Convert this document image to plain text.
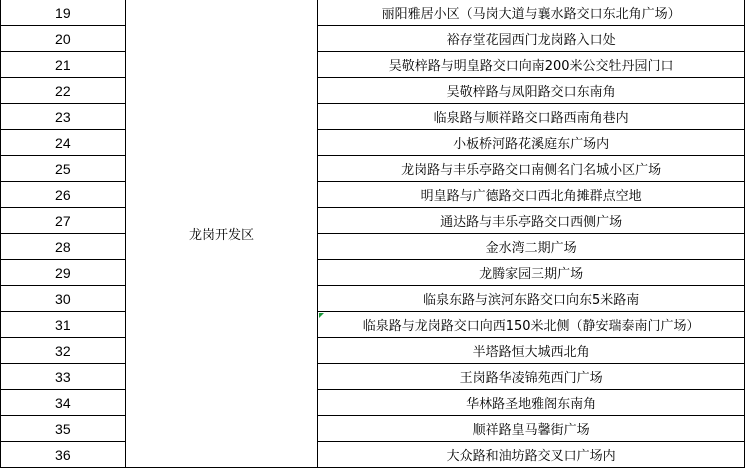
19	龙岗开发区	丽阳雅居小区（马岗大道与襄水路交口东北角广场）
20		裕存堂花园西门龙岗路入口处
21		吴敬梓路与明皇路交口向南200米公交牡丹园门口
22		吴敬梓路与凤阳路交口东南角
23		临泉路与顺祥路交口路西南角巷内
24		小板桥河路花溪庭东广场内
25		龙岗路与丰乐亭路交口南侧名门名城小区广场
26		明皇路与广德路交口西北角摊群点空地
27		通达路与丰乐亭路交口西侧广场
28		金水湾二期广场
29		龙腾家园三期广场
30		临泉东路与滨河东路交口向东5米路南
31		临泉路与龙岗路交口向西150米北侧（静安瑞泰南门广场）
32		半塔路恒大城西北角
33		王岗路华凌锦苑西门广场
34		华林路圣地雅阁东南角
35		顺祥路皇马馨街广场
36		大众路和油坊路交叉口广场内
